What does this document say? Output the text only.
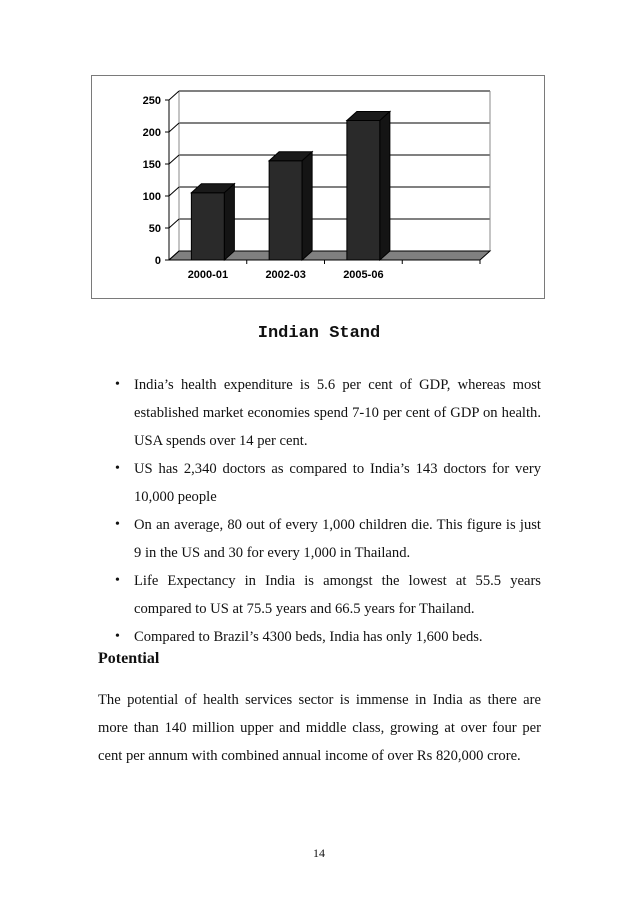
0
50
100
150
200
250
2000-01	2002-03	2005-06
Indian Stand
• India’s health expenditure is 5.6 per cent of GDP, whereas most established market economies spend 7-10 per cent of GDP on health. USA spends over 14 per cent.
• US has 2,340 doctors as compared to India’s 143 doctors for very 10,000 people
• On an average, 80 out of every 1,000 children die. This figure is just 9 in the US and 30 for every 1,000 in Thailand.
• Life Expectancy in India is amongst the lowest at 55.5 years compared to US at 75.5 years and 66.5 years for Thailand.
• Compared to Brazil’s 4300 beds, India has only 1,600 beds.
Potential

The potential of health services sector is immense in India as there are more than 140 million upper and middle class, growing at over four per cent per annum with combined annual income of over Rs 820,000 crore.

14
